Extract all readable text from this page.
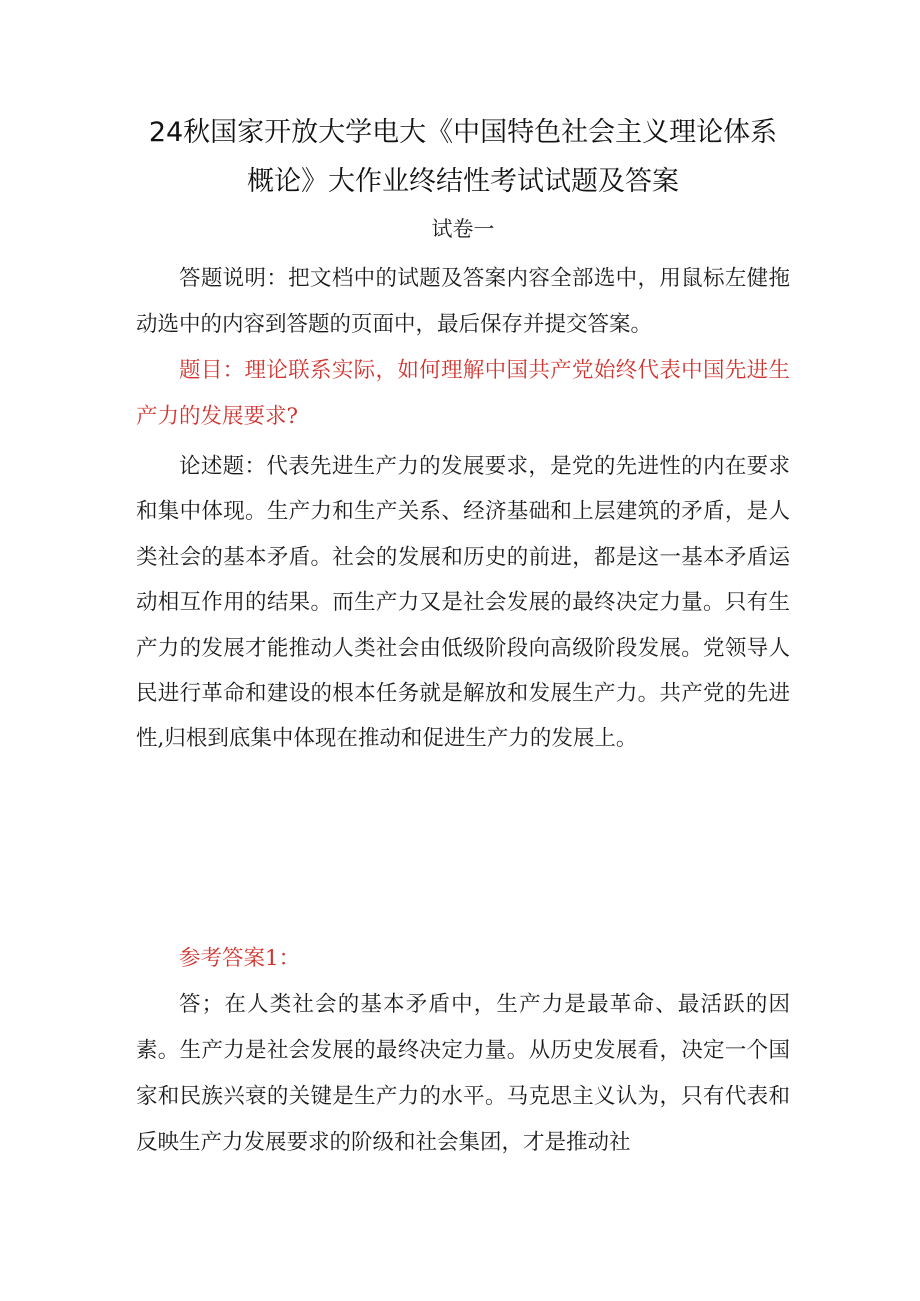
24秋国家开放大学电大《中国特色社会主义理论体系
概论》大作业终结性考试试题及答案
试卷一

答题说明：把文档中的试题及答案内容全部选中，用鼠标左健拖动选中的内容到答题的页面中，最后保存并提交答案。

题目：理论联系实际，如何理解中国共产党始终代表中国先进生产力的发展要求?

论述题：代表先进生产力的发展要求，是党的先进性的内在要求和集中体现。生产力和生产关系、经济基础和上层建筑的矛盾，是人类社会的基本矛盾。社会的发展和历史的前进，都是这一基本矛盾运动相互作用的结果。而生产力又是社会发展的最终决定力量。只有生产力的发展才能推动人类社会由低级阶段向高级阶段发展。党领导人民进行革命和建设的根本任务就是解放和发展生产力。共产党的先进性,归根到底集中体现在推动和促进生产力的发展上。

参考答案1：

答；在人类社会的基本矛盾中，生产力是最革命、最活跃的因素。生产力是社会发展的最终决定力量。从历史发展看，决定一个国家和民族兴衰的关键是生产力的水平。马克思主义认为，只有代表和反映生产力发展要求的阶级和社会集团，才是推动社
